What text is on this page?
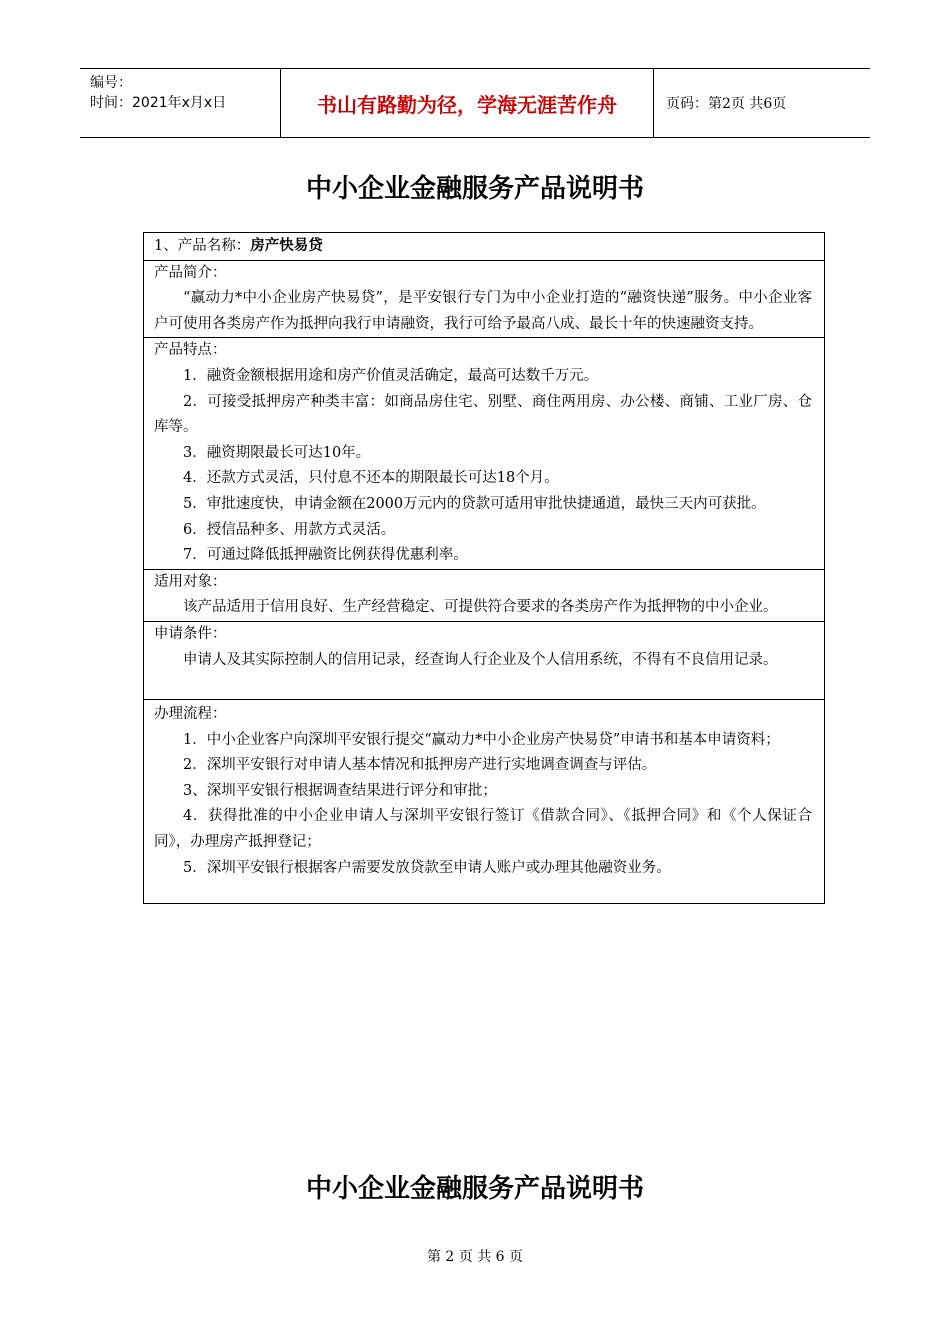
编号：
时间：2021年x月x日	书山有路勤为径，学海无涯苦作舟	页码：第2页 共6页
中小企业金融服务产品说明书
1、产品名称：房产快易贷
产品简介：
“赢动力*中小企业房产快易贷”，是平安银行专门为中小企业打造的“融资快递”服务。中小企业客户可使用各类房产作为抵押向我行申请融资，我行可给予最高八成、最长十年的快速融资支持。
产品特点：
1．融资金额根据用途和房产价值灵活确定，最高可达数千万元。
2．可接受抵押房产种类丰富：如商品房住宅、别墅、商住两用房、办公楼、商铺、工业厂房、仓库等。
3．融资期限最长可达10年。
4．还款方式灵活，只付息不还本的期限最长可达18个月。
5．审批速度快，申请金额在2000万元内的贷款可适用审批快捷通道，最快三天内可获批。
6．授信品种多、用款方式灵活。
7．可通过降低抵押融资比例获得优惠利率。
适用对象：
该产品适用于信用良好、生产经营稳定、可提供符合要求的各类房产作为抵押物的中小企业。
申请条件：
申请人及其实际控制人的信用记录，经查询人行企业及个人信用系统，不得有不良信用记录。
办理流程：
1．中小企业客户向深圳平安银行提交“赢动力*中小企业房产快易贷”申请书和基本申请资料；
2．深圳平安银行对申请人基本情况和抵押房产进行实地调查调查与评估。
3、深圳平安银行根据调查结果进行评分和审批；
4．获得批准的中小企业申请人与深圳平安银行签订《借款合同》、《抵押合同》和《个人保证合同》，办理房产抵押登记；
5．深圳平安银行根据客户需要发放贷款至申请人账户或办理其他融资业务。
中小企业金融服务产品说明书
第 2 页 共 6 页
